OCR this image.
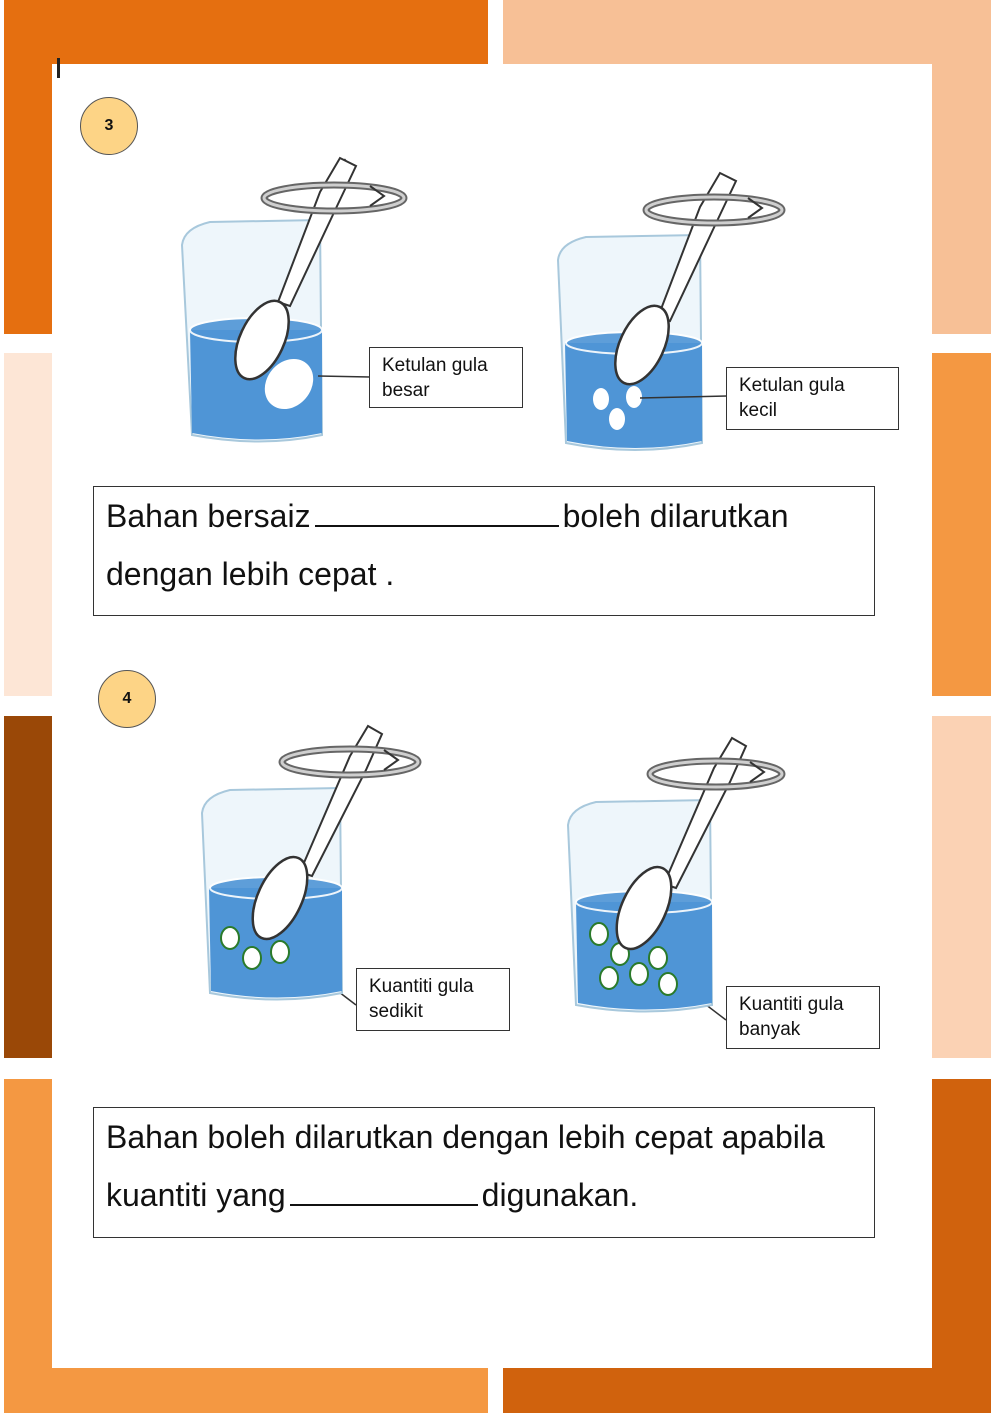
3
Ketulan gula
besar	Ketulan gula
kecil
Bahan bersaiz	boleh dilarutkan
dengan lebih cepat .
4
Kuantiti gula
sedikit	Kuantiti gula
banyak
Bahan boleh dilarutkan dengan lebih cepat apabila
kuantiti yang	digunakan.
